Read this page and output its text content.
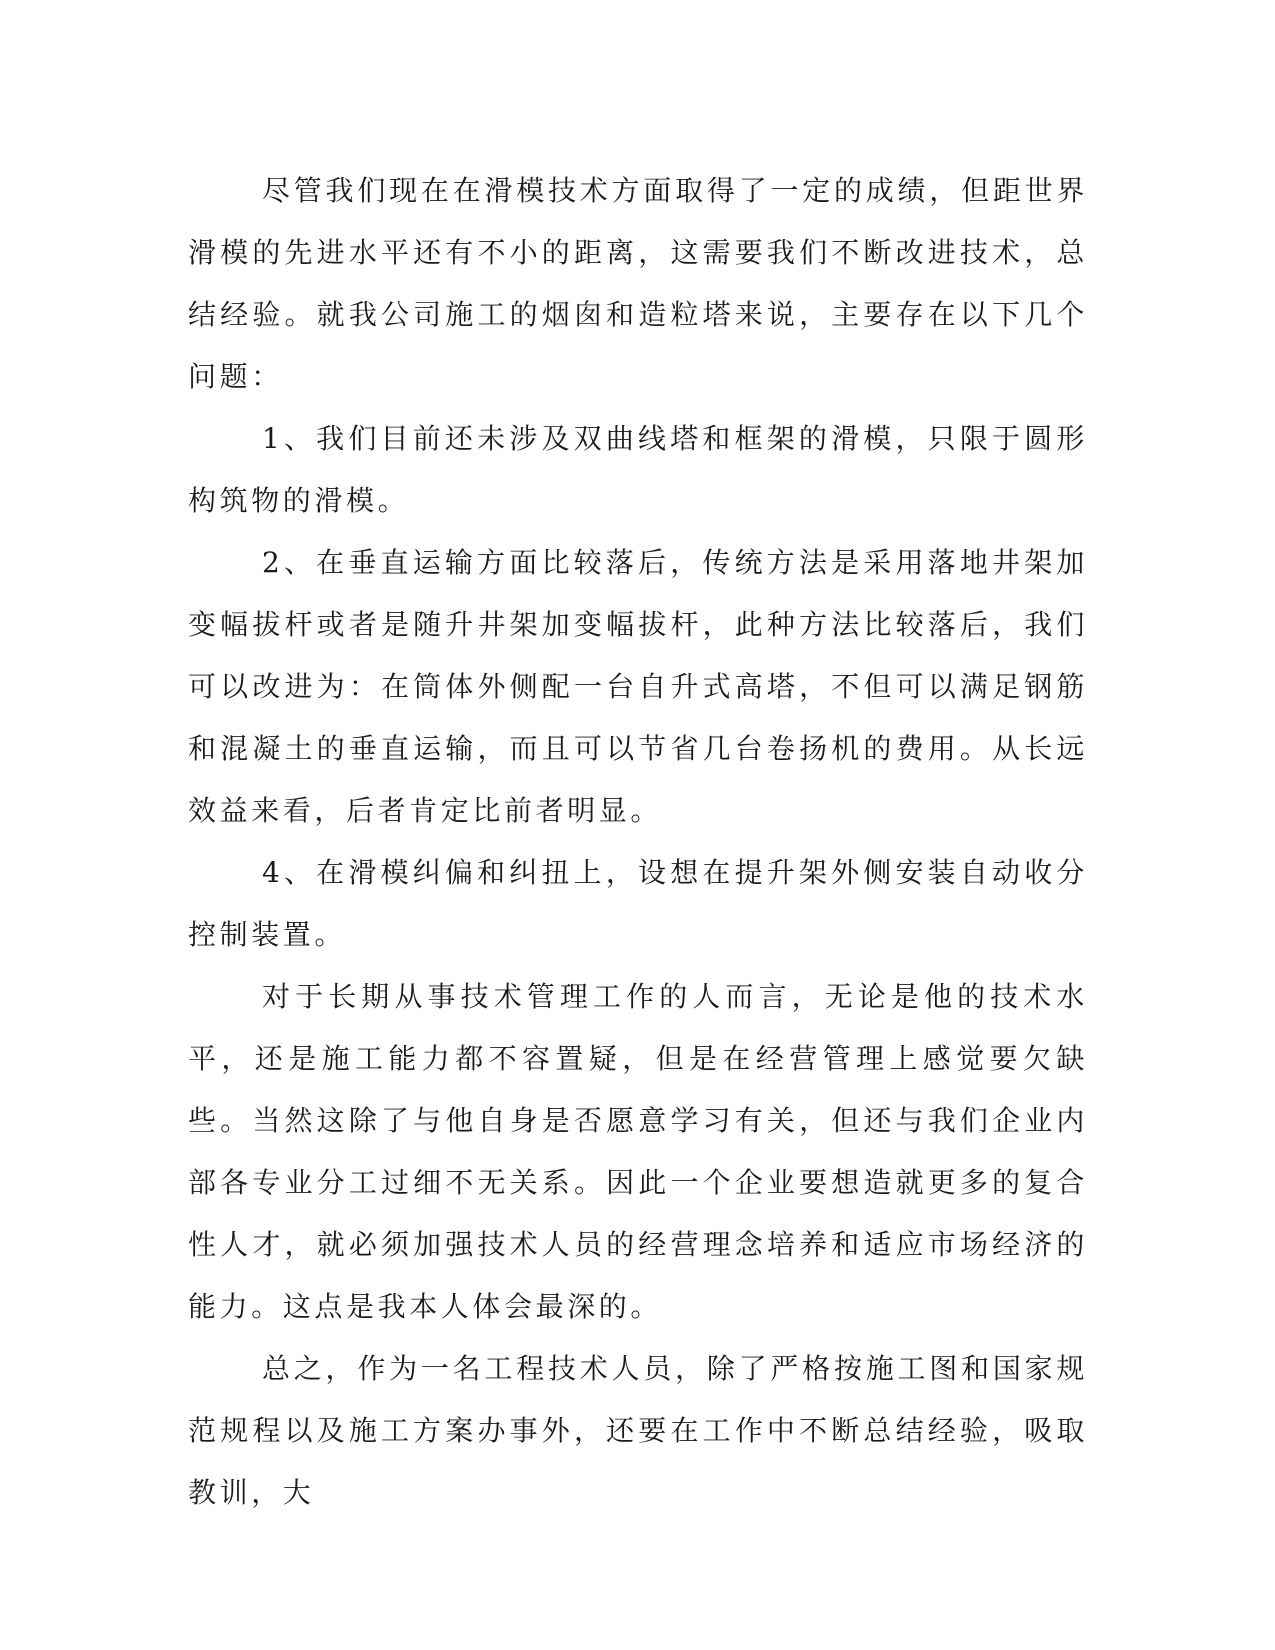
尽管我们现在在滑模技术方面取得了一定的成绩，但距世界滑模的先进水平还有不小的距离，这需要我们不断改进技术，总结经验。就我公司施工的烟囱和造粒塔来说，主要存在以下几个问题：

1、我们目前还未涉及双曲线塔和框架的滑模，只限于圆形构筑物的滑模。

2、在垂直运输方面比较落后，传统方法是采用落地井架加变幅拔杆或者是随升井架加变幅拔杆，此种方法比较落后，我们可以改进为：在筒体外侧配一台自升式高塔，不但可以满足钢筋和混凝土的垂直运输，而且可以节省几台卷扬机的费用。从长远效益来看，后者肯定比前者明显。

4、在滑模纠偏和纠扭上，设想在提升架外侧安装自动收分控制装置。

对于长期从事技术管理工作的人而言，无论是他的技术水平，还是施工能力都不容置疑，但是在经营管理上感觉要欠缺些。当然这除了与他自身是否愿意学习有关，但还与我们企业内部各专业分工过细不无关系。因此一个企业要想造就更多的复合性人才，就必须加强技术人员的经营理念培养和适应市场经济的能力。这点是我本人体会最深的。

总之，作为一名工程技术人员，除了严格按施工图和国家规范规程以及施工方案办事外，还要在工作中不断总结经验，吸取教训，大
